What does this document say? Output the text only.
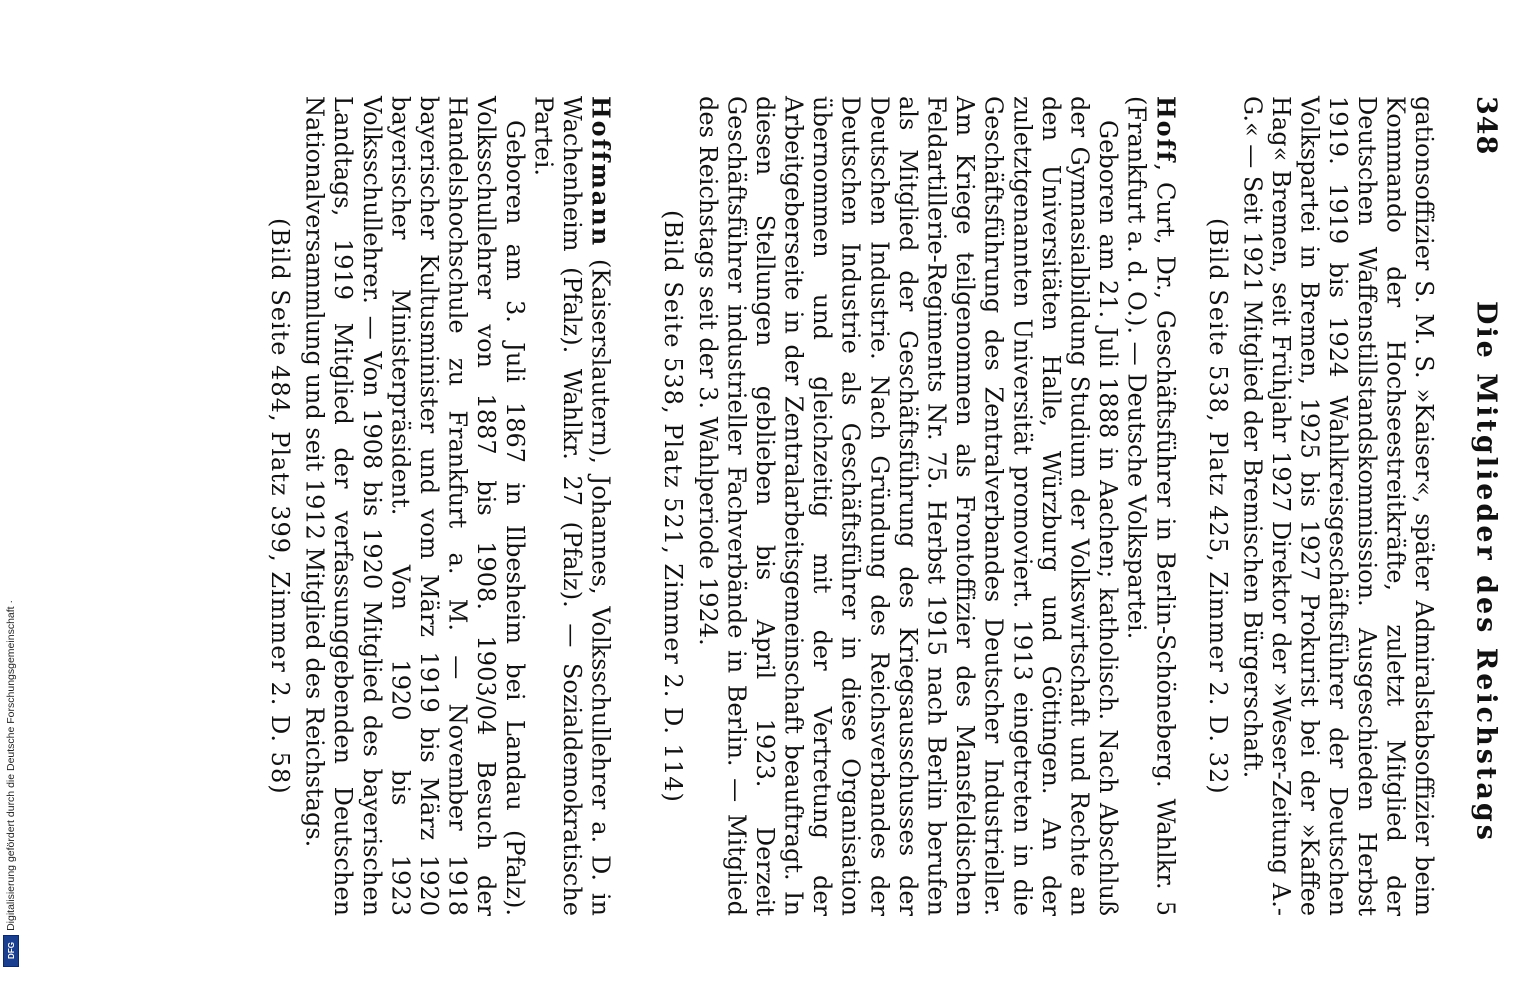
348
Die Mitglieder des Reichstags

gationsoffizier S. M. S. »Kaiser«, später Admiralstabsoffizier beim Kommando der Hochseestreitkräfte, zuletzt Mitglied der Deutschen Waffenstillstandskommission. Ausgeschieden Herbst 1919. 1919 bis 1924 Wahlkreisgeschäftsführer der Deutschen Volkspartei in Bremen, 1925 bis 1927 Prokurist bei der »Kaffee Hag« Bremen, seit Frühjahr 1927 Direktor der »Weser-Zeitung A.-G.« — Seit 1921 Mitglied der Bremischen Bürgerschaft.

(Bild Seite 538, Platz 425, Zimmer 2. D. 32)

Hoff, Curt, Dr., Geschäftsführer in Berlin-Schöneberg. Wahlkr. 5 (Frankfurt a. d. O.). — Deutsche Volkspartei.

Geboren am 21. Juli 1888 in Aachen; katholisch. Nach Abschluß der Gymnasialbildung Studium der Volkswirtschaft und Rechte an den Universitäten Halle, Würzburg und Göttingen. An der zuletztgenannten Universität promoviert. 1913 eingetreten in die Geschäftsführung des Zentralverbandes Deutscher Industrieller. Am Kriege teilgenommen als Frontoffizier des Mansfeldischen Feldartillerie-Regiments Nr. 75. Herbst 1915 nach Berlin berufen als Mitglied der Geschäftsführung des Kriegsausschusses der Deutschen Industrie. Nach Gründung des Reichsverbandes der Deutschen Industrie als Geschäftsführer in diese Organisation übernommen und gleichzeitig mit der Vertretung der Arbeitgeberseite in der Zentralarbeitsgemeinschaft beauftragt. In diesen Stellungen geblieben bis April 1923. Derzeit Geschäftsführer industrieller Fachverbände in Berlin. — Mitglied des Reichstags seit der 3. Wahlperiode 1924.

(Bild Seite 538, Platz 521, Zimmer 2. D. 114)

Hoffmann (Kaiserslautern), Johannes, Volksschullehrer a. D. in Wachenheim (Pfalz). Wahlkr. 27 (Pfalz). — Sozialdemokratische Partei.

Geboren am 3. Juli 1867 in Ilbesheim bei Landau (Pfalz). Volksschullehrer von 1887 bis 1908. 1903/04 Besuch der Handelshochschule zu Frankfurt a. M. — November 1918 bayerischer Kultusminister und vom März 1919 bis März 1920 bayerischer Ministerpräsident. Von 1920 bis 1923 Volksschullehrer. — Von 1908 bis 1920 Mitglied des bayerischen Landtags, 1919 Mitglied der verfassunggebenden Deutschen Nationalversammlung und seit 1912 Mitglied des Reichstags.

(Bild Seite 484, Platz 399, Zimmer 2. D. 58)

Digitalisierung gefördert durch die Deutsche Forschungsgemeinschaft ·
DFG
